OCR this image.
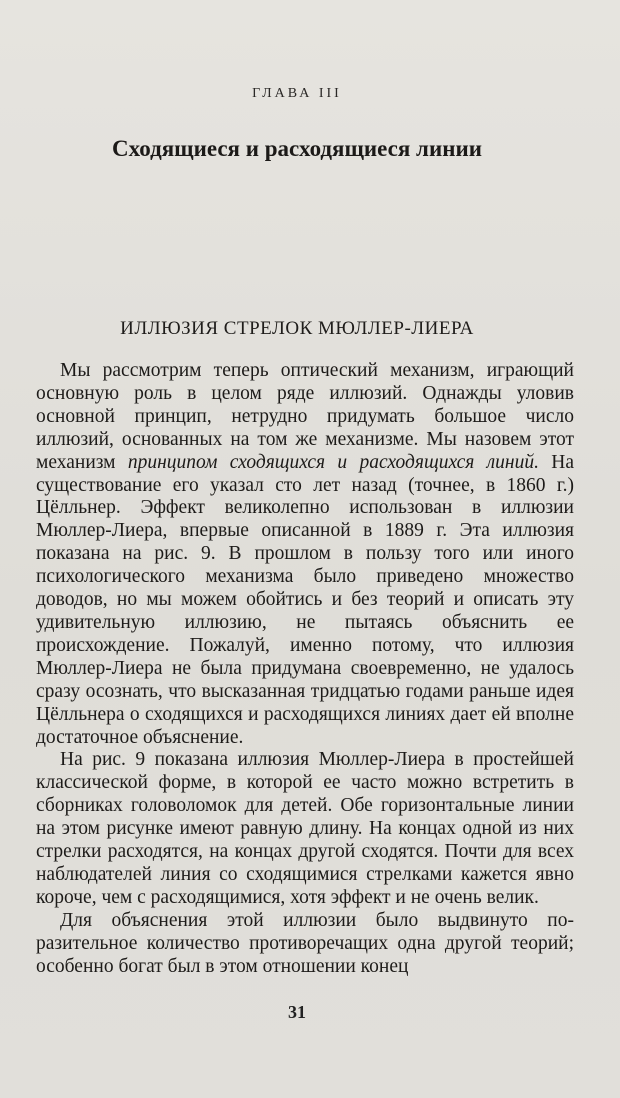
ГЛАВА III
Сходящиеся и расходящиеся линии
ИЛЛЮЗИЯ СТРЕЛОК МЮЛЛЕР-ЛИЕРА

Мы рассмотрим теперь оптический механизм, играющий основную роль в целом ряде иллюзий. Однажды уловив основной принцип, нетрудно придумать большое число иллюзий, основанных на том же механизме. Мы назовем этот механизм принципом сходящихся и расходящихся линий. На существование его указал сто лет назад (точнее, в 1860 г.) Цёлльнер. Эффект великолепно использован в иллюзии Мюллер-Лиера, впервые описанной в 1889 г. Эта иллюзия показана на рис. 9. В прошлом в пользу того или иного психологического механизма было приведено множество доводов, но мы можем обойтись и без теорий и описать эту удивительную иллюзию, не пытаясь объяснить ее происхождение. Пожалуй, именно потому, что иллюзия Мюллер-Лиера не была придумана своевременно, не удалось сразу осознать, что высказанная тридцатью годами раньше идея Цёлльнера о сходящихся и расходящихся линиях дает ей вполне достаточное объяснение.

На рис. 9 показана иллюзия Мюллер-Лиера в простейшей классической форме, в которой ее часто можно встретить в сборниках головоломок для детей. Обе горизонтальные линии на этом рисунке имеют равную длину. На концах одной из них стрелки расходятся, на концах другой сходятся. Почти для всех наблюдателей линия со сходящимися стрелками кажется явно короче, чем с расходящимися, хотя эффект и не очень велик.

Для объяснения этой иллюзии было выдвинуто поразительное количество противоречащих одна другой теорий; особенно богат был в этом отношении конец

31
